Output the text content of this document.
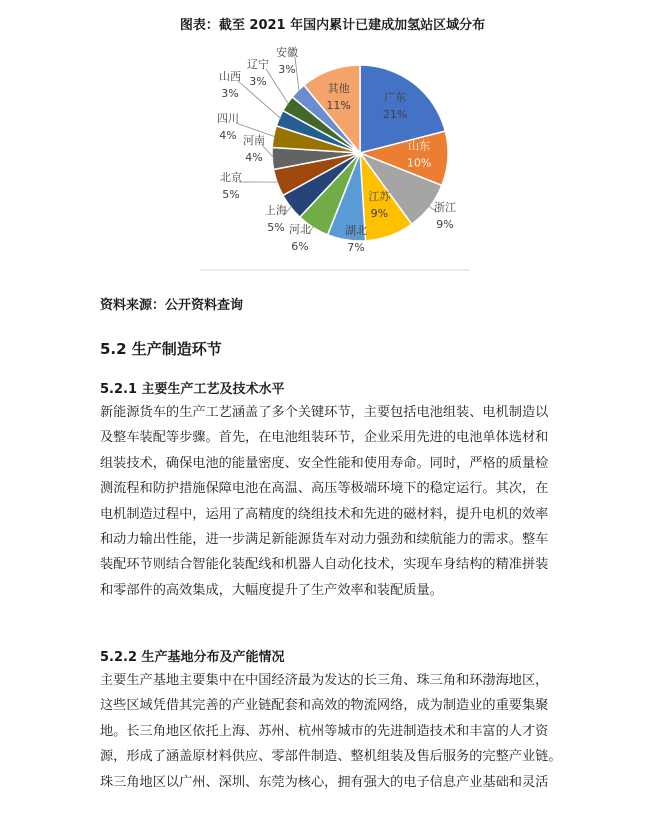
图表：截至 2021 年国内累计已建成加氢站区域分布
广东
21%
山东
10%
浙江
9%
江苏
9%
湖北
7%
河北
6%
上海
5%
北京
5%
河南
4%
四川
4%
山西
3%
辽宁
3%
安徽
3%
其他
11%
资料来源：公开资料查询
5.2 生产制造环节
5.2.1 主要生产工艺及技术水平
新能源货车的生产工艺涵盖了多个关键环节，主要包括电池组装、电机制造以
及整车装配等步骤。首先，在电池组装环节，企业采用先进的电池单体选材和
组装技术，确保电池的能量密度、安全性能和使用寿命。同时，严格的质量检
测流程和防护措施保障电池在高温、高压等极端环境下的稳定运行。其次，在
电机制造过程中，运用了高精度的绕组技术和先进的磁材料，提升电机的效率
和动力输出性能，进一步满足新能源货车对动力强劲和续航能力的需求。整车
装配环节则结合智能化装配线和机器人自动化技术，实现车身结构的精准拼装
和零部件的高效集成，大幅度提升了生产效率和装配质量。
5.2.2 生产基地分布及产能情况
主要生产基地主要集中在中国经济最为发达的长三角、珠三角和环渤海地区，
这些区域凭借其完善的产业链配套和高效的物流网络，成为制造业的重要集聚
地。长三角地区依托上海、苏州、杭州等城市的先进制造技术和丰富的人才资
源，形成了涵盖原材料供应、零部件制造、整机组装及售后服务的完整产业链。
珠三角地区以广州、深圳、东莞为核心，拥有强大的电子信息产业基础和灵活
